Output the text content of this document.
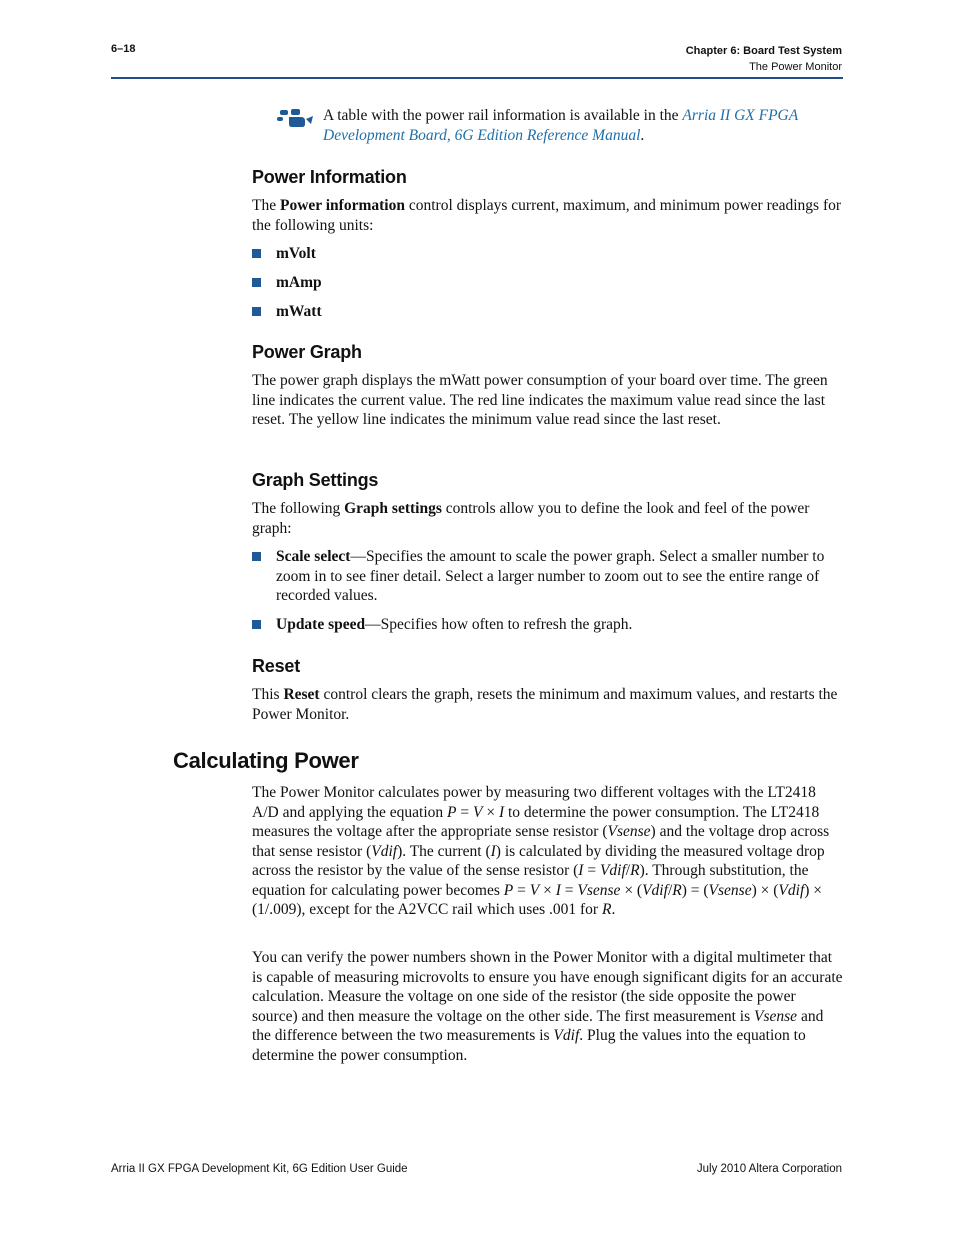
6–18	Chapter 6: Board Test System
The Power Monitor
A table with the power rail information is available in the Arria II GX FPGA Development Board, 6G Edition Reference Manual.
Power Information

The Power information control displays current, maximum, and minimum power readings for the following units:

mVolt
mAmp
mWatt
Power Graph

The power graph displays the mWatt power consumption of your board over time. The green line indicates the current value. The red line indicates the maximum value read since the last reset. The yellow line indicates the minimum value read since the last reset.

Graph Settings

The following Graph settings controls allow you to define the look and feel of the power graph:

Scale select—Specifies the amount to scale the power graph. Select a smaller number to zoom in to see finer detail. Select a larger number to zoom out to see the entire range of recorded values.
Update speed—Specifies how often to refresh the graph.
Reset

This Reset control clears the graph, resets the minimum and maximum values, and restarts the Power Monitor.

Calculating Power

The Power Monitor calculates power by measuring two different voltages with the LT2418 A/D and applying the equation P = V × I to determine the power consumption. The LT2418 measures the voltage after the appropriate sense resistor (Vsense) and the voltage drop across that sense resistor (Vdif). The current (I) is calculated by dividing the measured voltage drop across the resistor by the value of the sense resistor (I = Vdif/R). Through substitution, the equation for calculating power becomes P = V × I = Vsense × (Vdif/R) = (Vsense) × (Vdif) × (1/.009), except for the A2VCC rail which uses .001 for R.

You can verify the power numbers shown in the Power Monitor with a digital multimeter that is capable of measuring microvolts to ensure you have enough significant digits for an accurate calculation. Measure the voltage on one side of the resistor (the side opposite the power source) and then measure the voltage on the other side. The first measurement is Vsense and the difference between the two measurements is Vdif. Plug the values into the equation to determine the power consumption.

Arria II GX FPGA Development Kit, 6G Edition User Guide	July 2010 Altera Corporation
